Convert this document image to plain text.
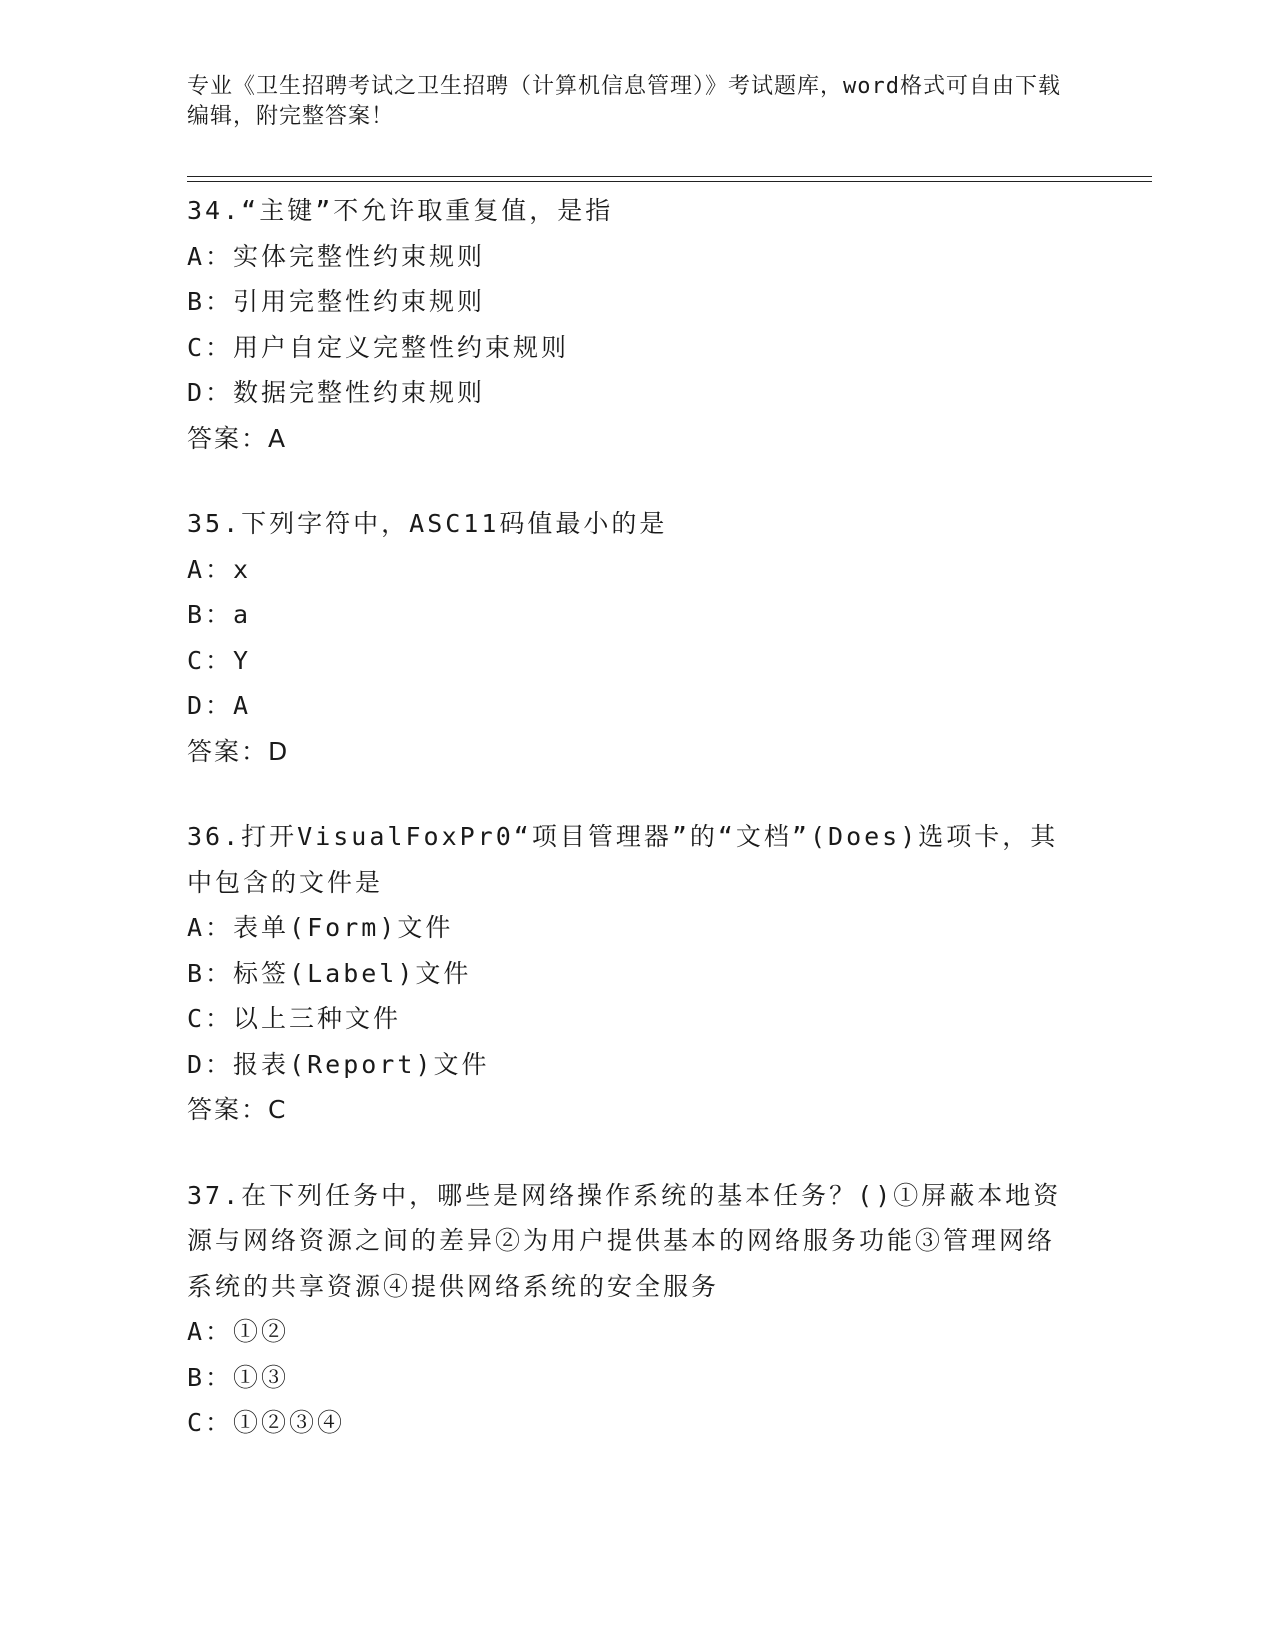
专业《卫生招聘考试之卫生招聘（计算机信息管理）》考试题库，word格式可自由下载编辑，附完整答案！
34.“主键”不允许取重复值，是指
A：实体完整性约束规则
B：引用完整性约束规则
C：用户自定义完整性约束规则
D：数据完整性约束规则
答案：A
35.下列字符中，ASC11码值最小的是
A：x
B：a
C：Y
D：A
答案：D
36.打开VisualFoxPr0“项目管理器”的“文档”(Does)选项卡，其中包含的文件是
A：表单(Form)文件
B：标签(Label)文件
C：以上三种文件
D：报表(Report)文件
答案：C
37.在下列任务中，哪些是网络操作系统的基本任务？()①屏蔽本地资源与网络资源之间的差异②为用户提供基本的网络服务功能③管理网络系统的共享资源④提供网络系统的安全服务
A：①②
B：①③
C：①②③④
